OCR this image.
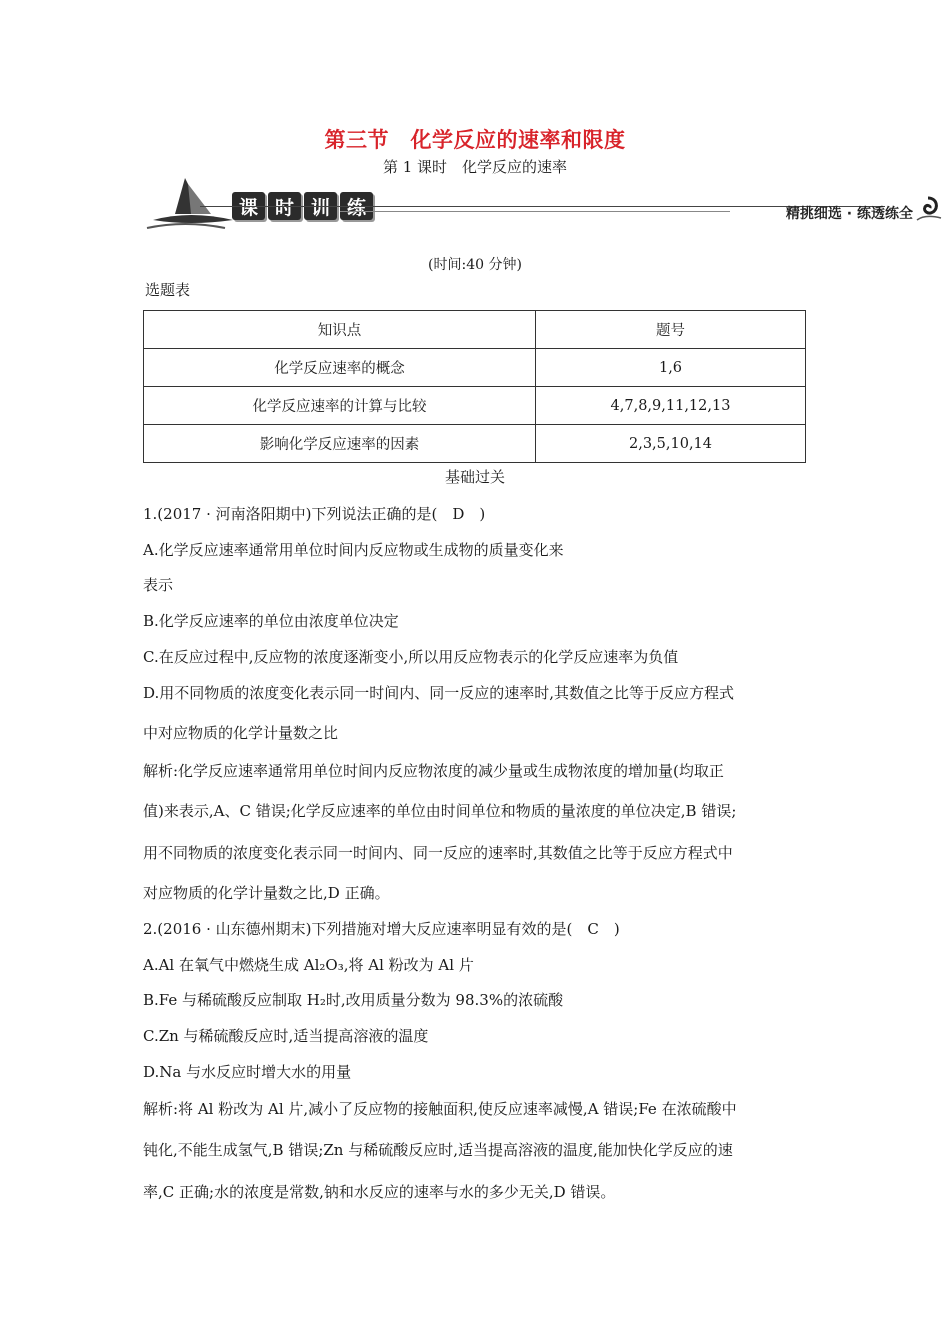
第三节　化学反应的速率和限度
第 1 课时　化学反应的速率
课 时 训 练	精挑细选 · 练透练全
(时间:40 分钟)
选题表
知识点	题号
化学反应速率的概念	1,6
化学反应速率的计算与比较	4,7,8,9,11,12,13
影响化学反应速率的因素	2,3,5,10,14
基础过关
1.(2017 · 河南洛阳期中)下列说法正确的是(　D　)
A.化学反应速率通常用单位时间内反应物或生成物的质量变化来
表示
B.化学反应速率的单位由浓度单位决定
C.在反应过程中,反应物的浓度逐渐变小,所以用反应物表示的化学反应速率为负值
D.用不同物质的浓度变化表示同一时间内、同一反应的速率时,其数值之比等于反应方程式
中对应物质的化学计量数之比
解析:化学反应速率通常用单位时间内反应物浓度的减少量或生成物浓度的增加量(均取正
值)来表示,A、C 错误;化学反应速率的单位由时间单位和物质的量浓度的单位决定,B 错误;
用不同物质的浓度变化表示同一时间内、同一反应的速率时,其数值之比等于反应方程式中
对应物质的化学计量数之比,D 正确。
2.(2016 · 山东德州期末)下列措施对增大反应速率明显有效的是(　C　)
A.Al 在氧气中燃烧生成 Al₂O₃,将 Al 粉改为 Al 片
B.Fe 与稀硫酸反应制取 H₂时,改用质量分数为 98.3%的浓硫酸
C.Zn 与稀硫酸反应时,适当提高溶液的温度
D.Na 与水反应时增大水的用量
解析:将 Al 粉改为 Al 片,减小了反应物的接触面积,使反应速率减慢,A 错误;Fe 在浓硫酸中
钝化,不能生成氢气,B 错误;Zn 与稀硫酸反应时,适当提高溶液的温度,能加快化学反应的速
率,C 正确;水的浓度是常数,钠和水反应的速率与水的多少无关,D 错误。
